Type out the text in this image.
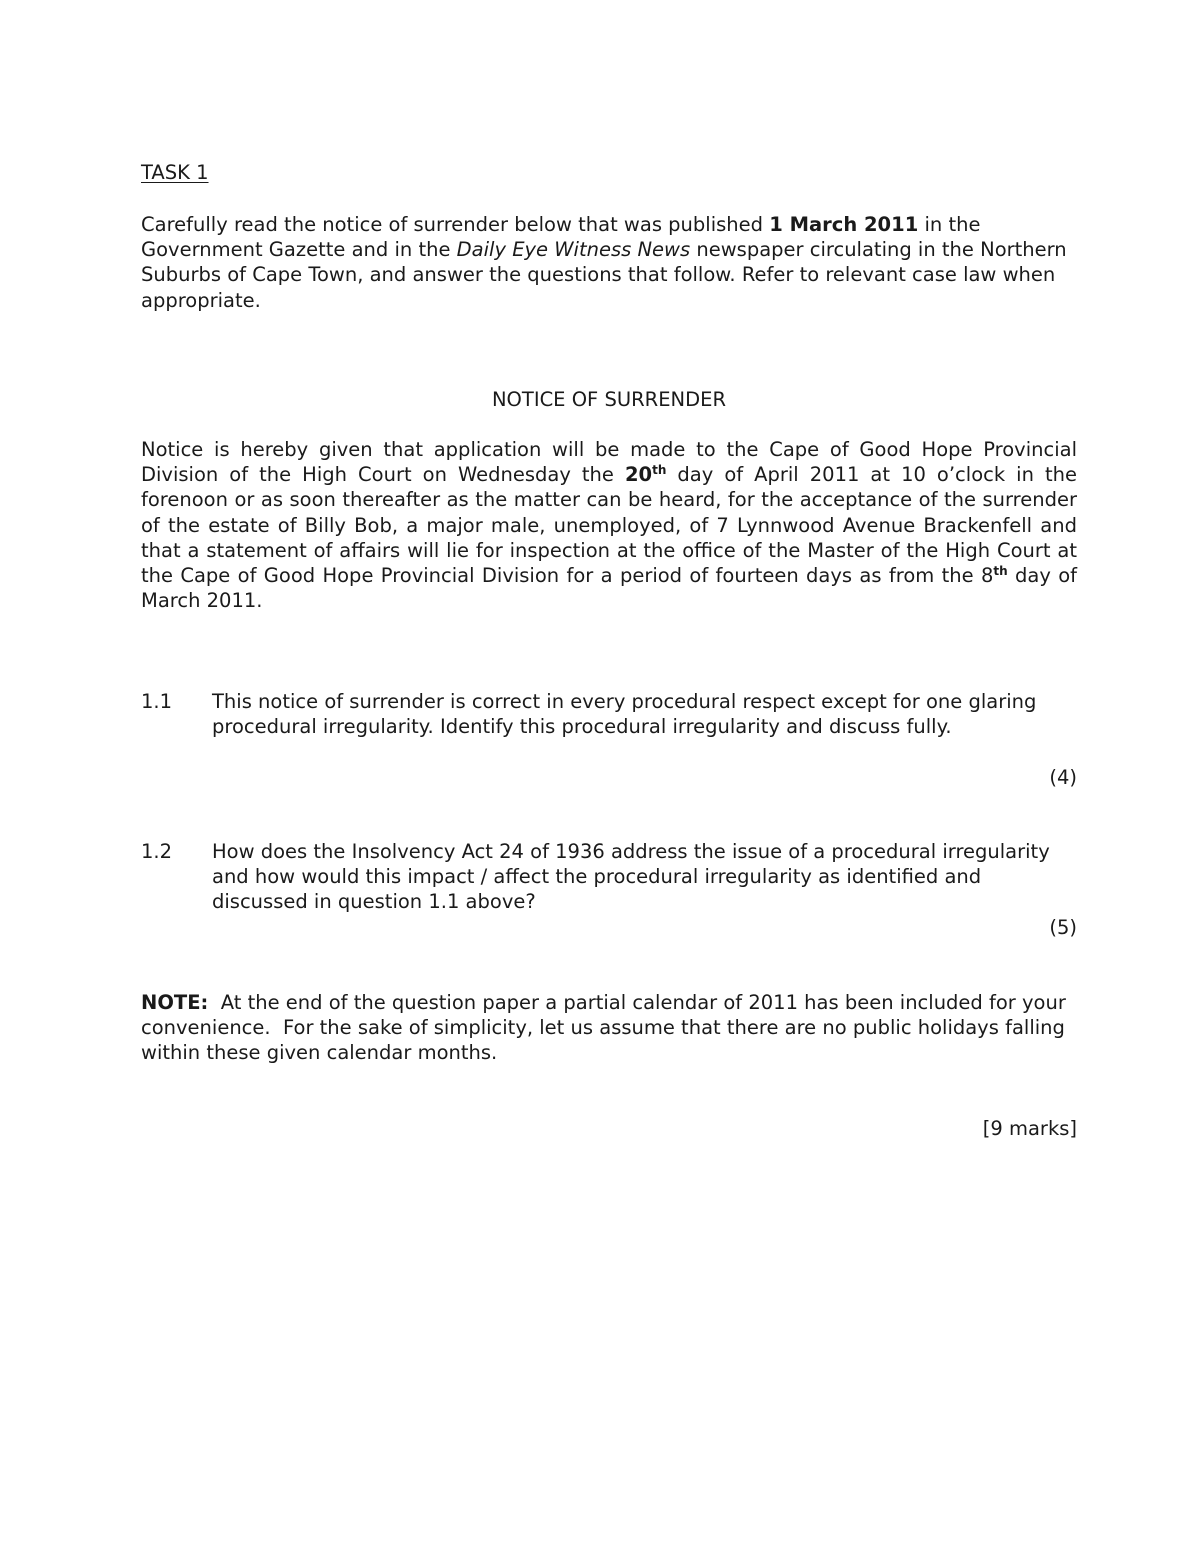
TASK 1

Carefully read the notice of surrender below that was published 1 March 2011 in the Government Gazette and in the Daily Eye Witness News newspaper circulating in the Northern Suburbs of Cape Town, and answer the questions that follow. Refer to relevant case law when appropriate.

NOTICE OF SURRENDER

Notice is hereby given that application will be made to the Cape of Good Hope Provincial Division of the High Court on Wednesday the 20th day of April 2011 at 10 o’clock in the forenoon or as soon thereafter as the matter can be heard, for the acceptance of the surrender of the estate of Billy Bob, a major male, unemployed, of 7 Lynnwood Avenue Brackenfell and that a statement of affairs will lie for inspection at the office of the Master of the High Court at the Cape of Good Hope Provincial Division for a period of fourteen days as from the 8th day of March 2011.

1.1 This notice of surrender is correct in every procedural respect except for one glaring procedural irregularity. Identify this procedural irregularity and discuss fully.
(4)
1.2 How does the Insolvency Act 24 of 1936 address the issue of a procedural irregularity and how would this impact / affect the procedural irregularity as identified and discussed in question 1.1 above?
(5)

NOTE:  At the end of the question paper a partial calendar of 2011 has been included for your convenience.  For the sake of simplicity, let us assume that there are no public holidays falling within these given calendar months.

[9 marks]
